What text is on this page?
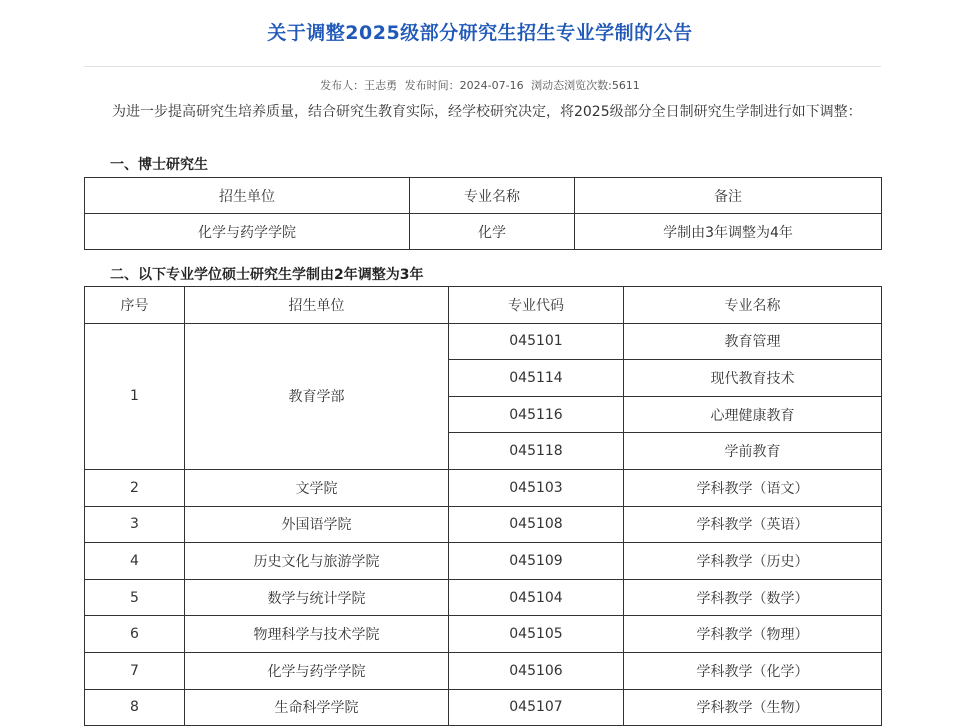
关于调整2025级部分研究生招生专业学制的公告
发布人：王志勇 发布时间：2024-07-16 浏动态浏览次数:5611
为进一步提高研究生培养质量，结合研究生教育实际，经学校研究决定，将2025级部分全日制研究生学制进行如下调整：
一、博士研究生
招生单位	专业名称	备注
化学与药学学院	化学	学制由3年调整为4年
二、以下专业学位硕士研究生学制由2年调整为3年
序号	招生单位	专业代码	专业名称
1	教育学部	045101	教育管理
		045114	现代教育技术
		045116	心理健康教育
		045118	学前教育
2	文学院	045103	学科教学（语文）
3	外国语学院	045108	学科教学（英语）
4	历史文化与旅游学院	045109	学科教学（历史）
5	数学与统计学院	045104	学科教学（数学）
6	物理科学与技术学院	045105	学科教学（物理）
7	化学与药学学院	045106	学科教学（化学）
8	生命科学学院	045107	学科教学（生物）
